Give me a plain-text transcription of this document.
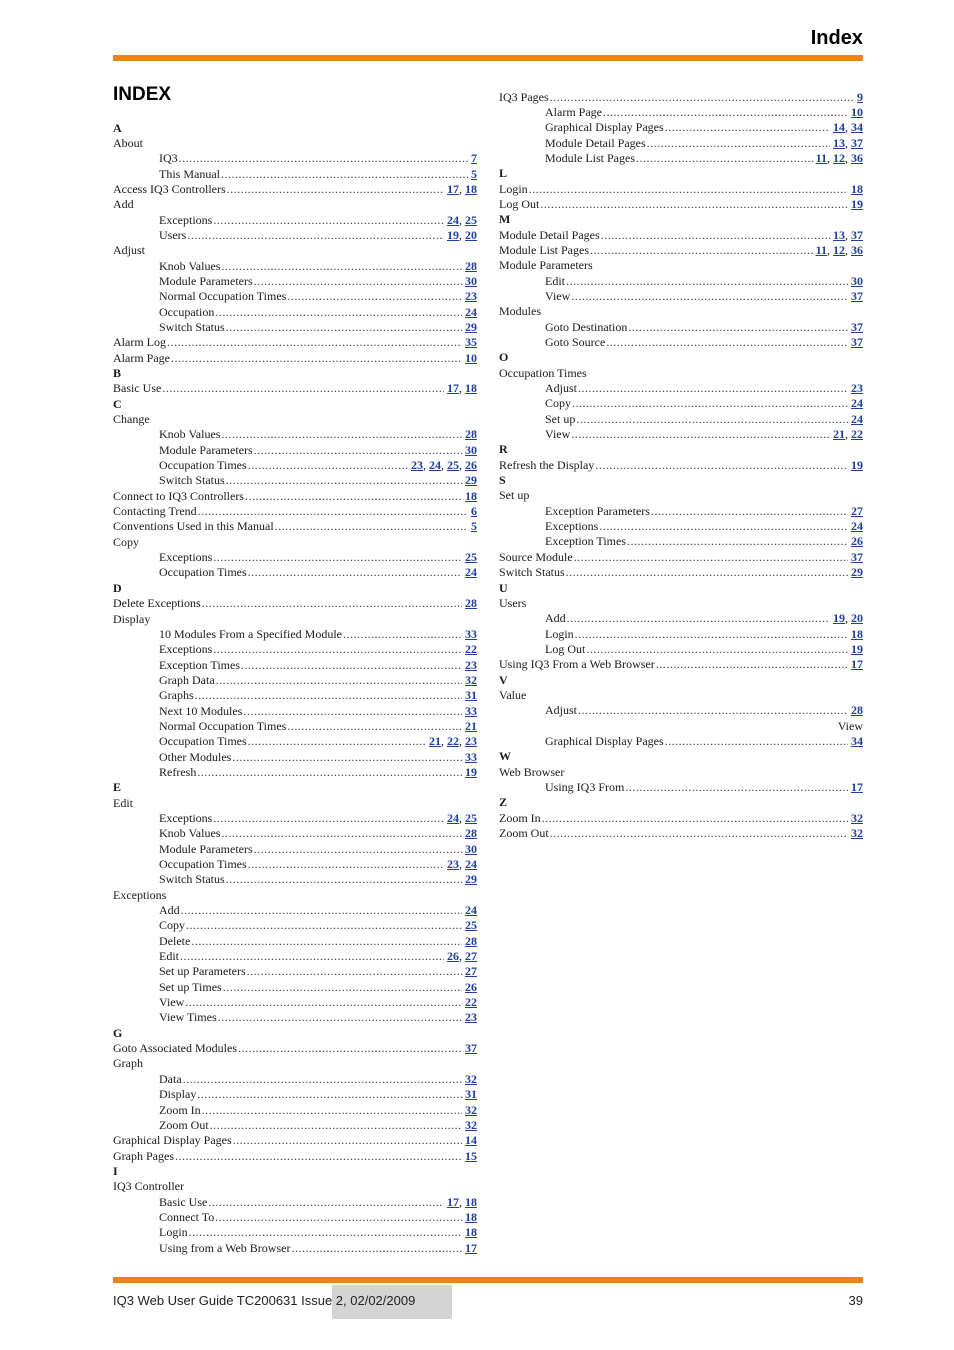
Index
INDEX
A
About
IQ3 .....	7
This Manual .....	5
Access IQ3 Controllers .....	17, 18
Add
Exceptions .....	24, 25
Users .....	19, 20
Adjust
Knob Values .....	28
Module Parameters .....	30
Normal Occupation Times .....	23
Occupation .....	24
Switch Status .....	29
Alarm Log .....	35
Alarm Page .....	10
B
Basic Use .....	17, 18
C
Change
Knob Values .....	28
Module Parameters .....	30
Occupation Times .....	23, 24, 25, 26
Switch Status .....	29
Connect to IQ3 Controllers .....	18
Contacting Trend .....	6
Conventions Used in this Manual .....	5
Copy
Exceptions .....	25
Occupation Times .....	24
D
Delete Exceptions .....	28
Display
10 Modules From a Specified Module .....	33
Exceptions .....	22
Exception Times .....	23
Graph Data .....	32
Graphs .....	31
Next 10 Modules .....	33
Normal Occupation Times .....	21
Occupation Times .....	21, 22, 23
Other Modules .....	33
Refresh .....	19
E
Edit
Exceptions .....	24, 25
Knob Values .....	28
Module Parameters .....	30
Occupation Times .....	23, 24
Switch Status .....	29
Exceptions
Add .....	24
Copy .....	25
Delete .....	28
Edit .....	26, 27
Set up Parameters .....	27
Set up Times .....	26
View .....	22
View Times .....	23
G
Goto Associated Modules .....	37
Graph
Data .....	32
Display .....	31
Zoom In .....	32
Zoom Out .....	32
Graphical Display Pages .....	14
Graph Pages .....	15
I
IQ3 Controller
Basic Use .....	17, 18
Connect To .....	18
Login .....	18
Using from a Web Browser .....	17
IQ3 Pages .....	9
Alarm Page .....	10
Graphical Display Pages .....	14, 34
Module Detail Pages .....	13, 37
Module List Pages .....	11, 12, 36
L
Login .....	18
Log Out .....	19
M
Module Detail Pages .....	13, 37
Module List Pages .....	11, 12, 36
Module Parameters
Edit .....	30
View .....	37
Modules
Goto Destination .....	37
Goto Source .....	37
O
Occupation Times
Adjust .....	23
Copy .....	24
Set up .....	24
View .....	21, 22
R
Refresh the Display .....	19
S
Set up
Exception Parameters .....	27
Exceptions .....	24
Exception Times .....	26
Source Module .....	37
Switch Status .....	29
U
Users
Add .....	19, 20
Login .....	18
Log Out .....	19
Using IQ3 From a Web Browser .....	17
V
Value
Adjust .....	28
View
Graphical Display Pages .....	34
W
Web Browser
Using IQ3 From .....	17
Z
Zoom In .....	32
Zoom Out .....	32
IQ3 Web User Guide TC200631 Issue 2, 02/02/2009	39
